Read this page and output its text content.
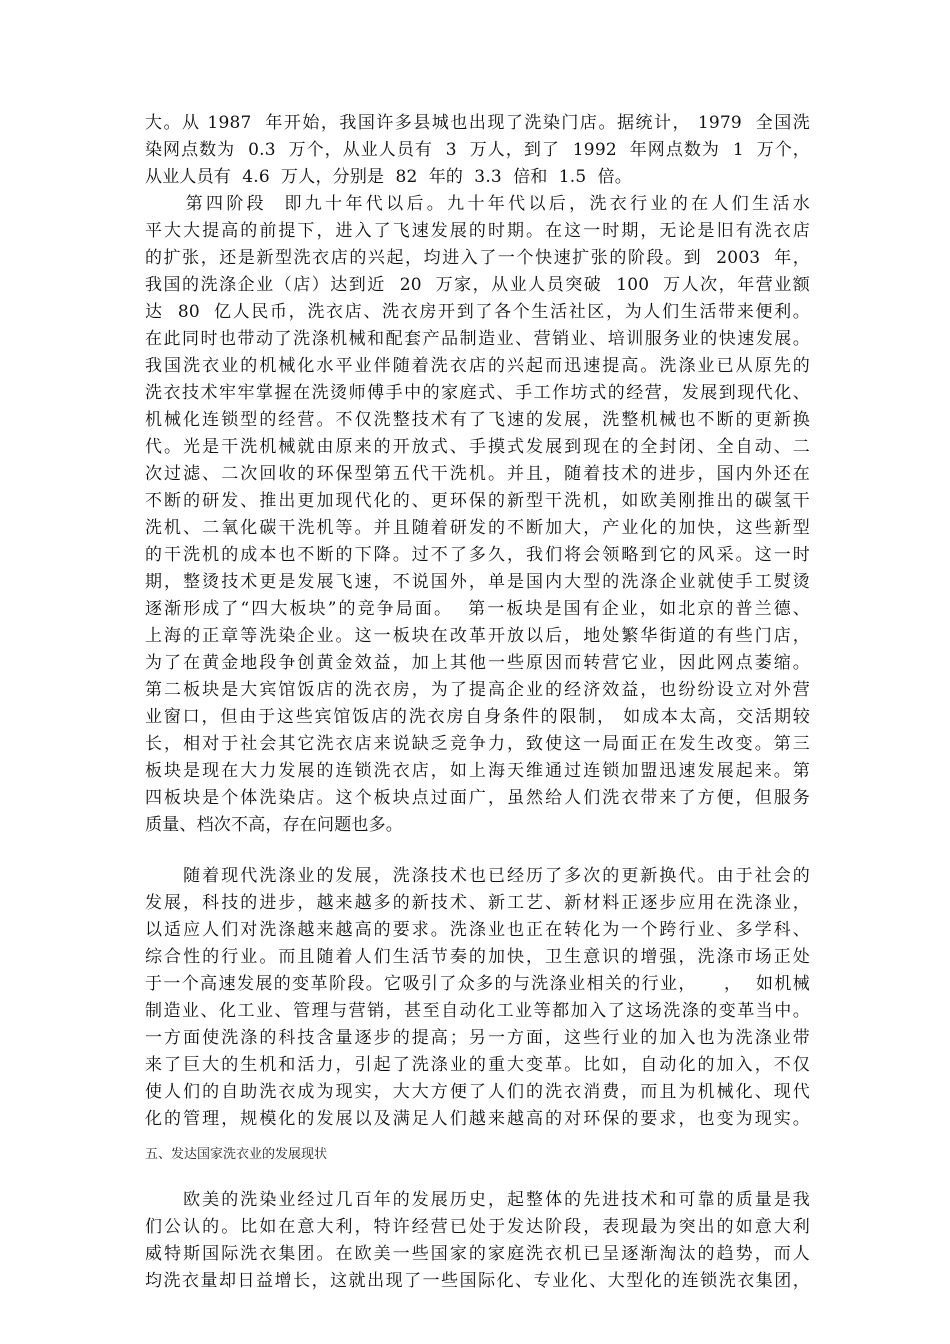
大。从 1987  年开始，我国许多县城也出现了洗染门店。据统计， 1979  全国洗
染网点数为  0.3  万个，从业人员有  3  万人，到了  1992  年网点数为  1  万个，
从业人员有  4.6  万人，分别是  82  年的  3.3  倍和  1.5  倍。
　　第四阶段  即九十年代以后。九十年代以后，洗衣行业的在人们生活水
平大大提高的前提下，进入了飞速发展的时期。在这一时期，无论是旧有洗衣店
的扩张，还是新型洗衣店的兴起，均进入了一个快速扩张的阶段。到  2003  年，
我国的洗涤企业（店）达到近  20  万家，从业人员突破  100  万人次，年营业额
达  80  亿人民币，洗衣店、洗衣房开到了各个生活社区，为人们生活带来便利。
在此同时也带动了洗涤机械和配套产品制造业、营销业、培训服务业的快速发展。
我国洗衣业的机械化水平业伴随着洗衣店的兴起而迅速提高。洗涤业已从原先的
洗衣技术牢牢掌握在洗烫师傅手中的家庭式、手工作坊式的经营，发展到现代化、
机械化连锁型的经营。不仅洗整技术有了飞速的发展，洗整机械也不断的更新换
代。光是干洗机械就由原来的开放式、手摸式发展到现在的全封闭、全自动、二
次过滤、二次回收的环保型第五代干洗机。并且，随着技术的进步，国内外还在
不断的研发、推出更加现代化的、更环保的新型干洗机，如欧美刚推出的碳氢干
洗机、二氧化碳干洗机等。并且随着研发的不断加大，产业化的加快，这些新型
的干洗机的成本也不断的下降。过不了多久，我们将会领略到它的风采。这一时
期，整烫技术更是发展飞速，不说国外，单是国内大型的洗涤企业就使手工熨烫
逐渐形成了“四大板块”的竞争局面。  第一板块是国有企业，如北京的普兰德、
上海的正章等洗染企业。这一板块在改革开放以后，地处繁华街道的有些门店，
为了在黄金地段争创黄金效益，加上其他一些原因而转营它业，因此网点萎缩。
第二板块是大宾馆饭店的洗衣房，为了提高企业的经济效益，也纷纷设立对外营
业窗口，但由于这些宾馆饭店的洗衣房自身条件的限制， 如成本太高，交活期较
长，相对于社会其它洗衣店来说缺乏竞争力，致使这一局面正在发生改变。第三
板块是现在大力发展的连锁洗衣店，如上海天维通过连锁加盟迅速发展起来。第
四板块是个体洗染店。这个板块点过面广，虽然给人们洗衣带来了方便，但服务
质量、档次不高，存在问题也多。
　　随着现代洗涤业的发展，洗涤技术也已经历了多次的更新换代。由于社会的
发展，科技的进步，越来越多的新技术、新工艺、新材料正逐步应用在洗涤业，
以适应人们对洗涤越来越高的要求。洗涤业也正在转化为一个跨行业、多学科、
综合性的行业。而且随着人们生活节奏的加快，卫生意识的增强，洗涤市场正处
于一个高速发展的变革阶段。它吸引了众多的与洗涤业相关的行业，    ，  如机械
制造业、化工业、管理与营销，甚至自动化工业等都加入了这场洗涤的变革当中。
一方面使洗涤的科技含量逐步的提高；另一方面，这些行业的加入也为洗涤业带
来了巨大的生机和活力，引起了洗涤业的重大变革。比如，自动化的加入，不仅
使人们的自助洗衣成为现实，大大方便了人们的洗衣消费，而且为机械化、现代
化的管理，规模化的发展以及满足人们越来越高的对环保的要求，也变为现实。
五、发达国家洗衣业的发展现状
　　欧美的洗染业经过几百年的发展历史，起整体的先进技术和可靠的质量是我
们公认的。比如在意大利，特许经营已处于发达阶段，表现最为突出的如意大利
威特斯国际洗衣集团。在欧美一些国家的家庭洗衣机已呈逐渐淘汰的趋势，而人
均洗衣量却日益增长，这就出现了一些国际化、专业化、大型化的连锁洗衣集团，
